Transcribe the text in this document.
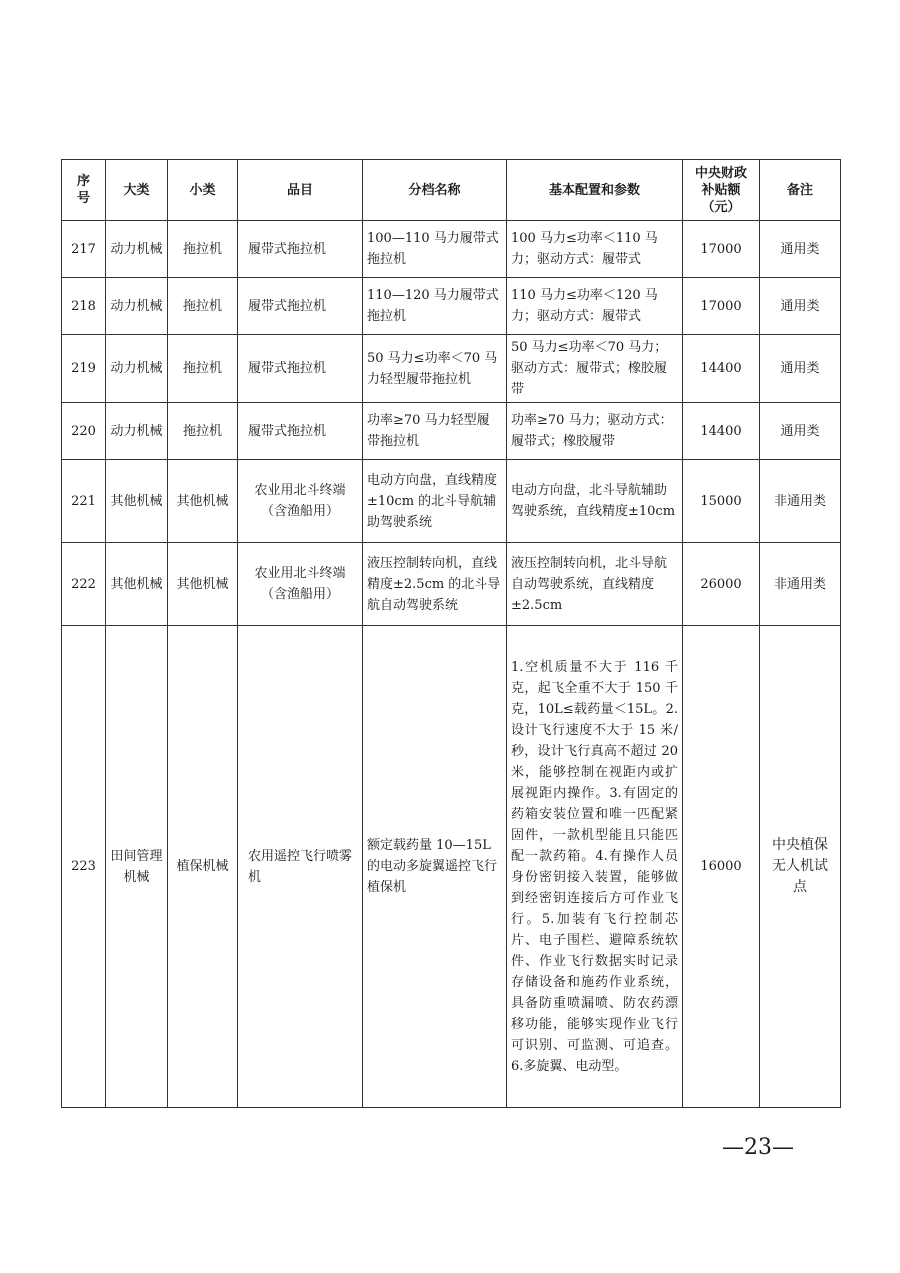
序号	大类	小类	品目	分档名称	基本配置和参数	中央财政补贴额（元）	备注
217	动力机械	拖拉机	履带式拖拉机	100—110 马力履带式拖拉机	100 马力≤功率＜110 马力；驱动方式：履带式	17000	通用类
218	动力机械	拖拉机	履带式拖拉机	110—120 马力履带式拖拉机	110 马力≤功率＜120 马力；驱动方式：履带式	17000	通用类
219	动力机械	拖拉机	履带式拖拉机	50 马力≤功率＜70 马力轻型履带拖拉机	50 马力≤功率＜70 马力；驱动方式：履带式；橡胶履带	14400	通用类
220	动力机械	拖拉机	履带式拖拉机	功率≥70 马力轻型履带拖拉机	功率≥70 马力；驱动方式：履带式；橡胶履带	14400	通用类
221	其他机械	其他机械	农业用北斗终端（含渔船用）	电动方向盘，直线精度±10cm 的北斗导航辅助驾驶系统	电动方向盘，北斗导航辅助驾驶系统，直线精度±10cm	15000	非通用类
222	其他机械	其他机械	农业用北斗终端（含渔船用）	液压控制转向机，直线精度±2.5cm 的北斗导航自动驾驶系统	液压控制转向机，北斗导航自动驾驶系统，直线精度±2.5cm	26000	非通用类
223	田间管理机械	植保机械	农用遥控飞行喷雾机	额定载药量 10—15L 的电动多旋翼遥控飞行植保机	1.空机质量不大于 116 千克，起飞全重不大于 150 千克，10L≤载药量＜15L。2.设计飞行速度不大于 15 米/秒，设计飞行真高不超过 20 米，能够控制在视距内或扩展视距内操作。3.有固定的药箱安装位置和唯一匹配紧固件，一款机型能且只能匹配一款药箱。4.有操作人员身份密钥接入装置，能够做到经密钥连接后方可作业飞行。5.加装有飞行控制芯片、电子围栏、避障系统软件、作业飞行数据实时记录存储设备和施药作业系统，具备防重喷漏喷、防农药漂移功能，能够实现作业飞行可识别、可监测、可追查。6.多旋翼、电动型。	16000	中央植保无人机试点
—23—
